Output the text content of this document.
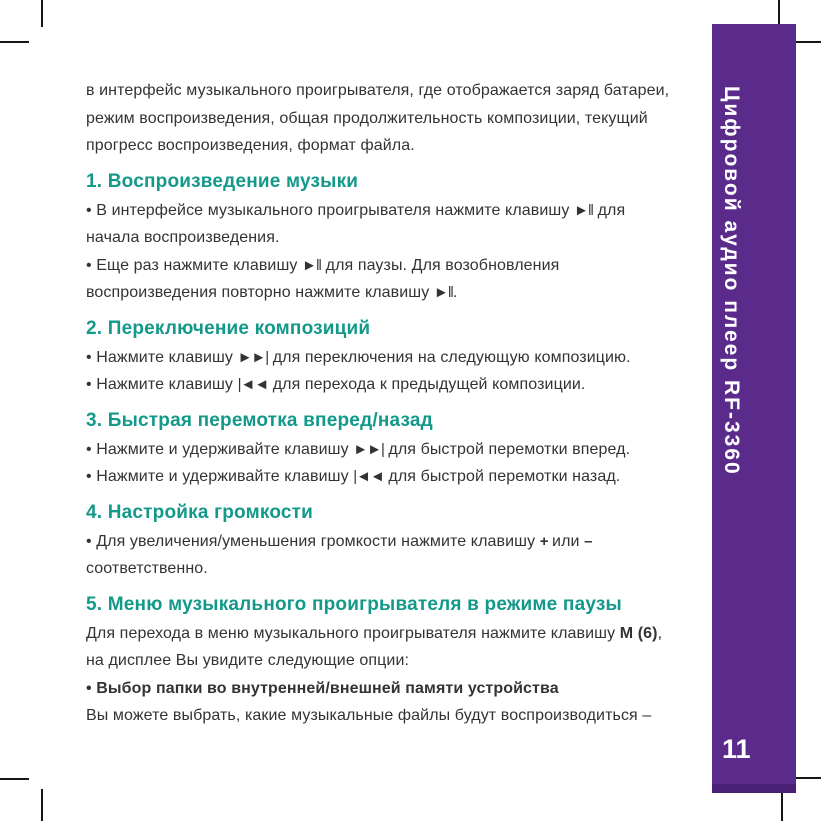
в интерфейс музыкального проигрывателя, где отображается заряд батареи,
режим воспроизведения, общая продолжительность композиции, текущий
прогресс воспроизведения, формат файла.
1. Воспроизведение музыки
• В интерфейсе музыкального проигрывателя нажмите клавишу ►‖ для
начала воспроизведения.
• Еще раз нажмите клавишу ►‖ для паузы. Для возобновления
воспроизведения повторно нажмите клавишу ►‖.
2. Переключение композиций
• Нажмите клавишу ►►| для переключения на следующую композицию.
• Нажмите клавишу |◄◄ для перехода к предыдущей композиции.
3. Быстрая перемотка вперед/назад
• Нажмите и удерживайте клавишу ►►| для быстрой перемотки вперед.
• Нажмите и удерживайте клавишу |◄◄ для быстрой перемотки назад.
4. Настройка громкости
• Для увеличения/уменьшения громкости нажмите клавишу + или –
соответственно.
5. Меню музыкального проигрывателя в режиме паузы
Для перехода в меню музыкального проигрывателя нажмите клавишу М (6),
на дисплее Вы увидите следующие опции:
• Выбор папки во внутренней/внешней памяти устройства
Вы можете выбрать, какие музыкальные файлы будут воспроизводиться –
Цифровой аудио плеер RF-3360
11
